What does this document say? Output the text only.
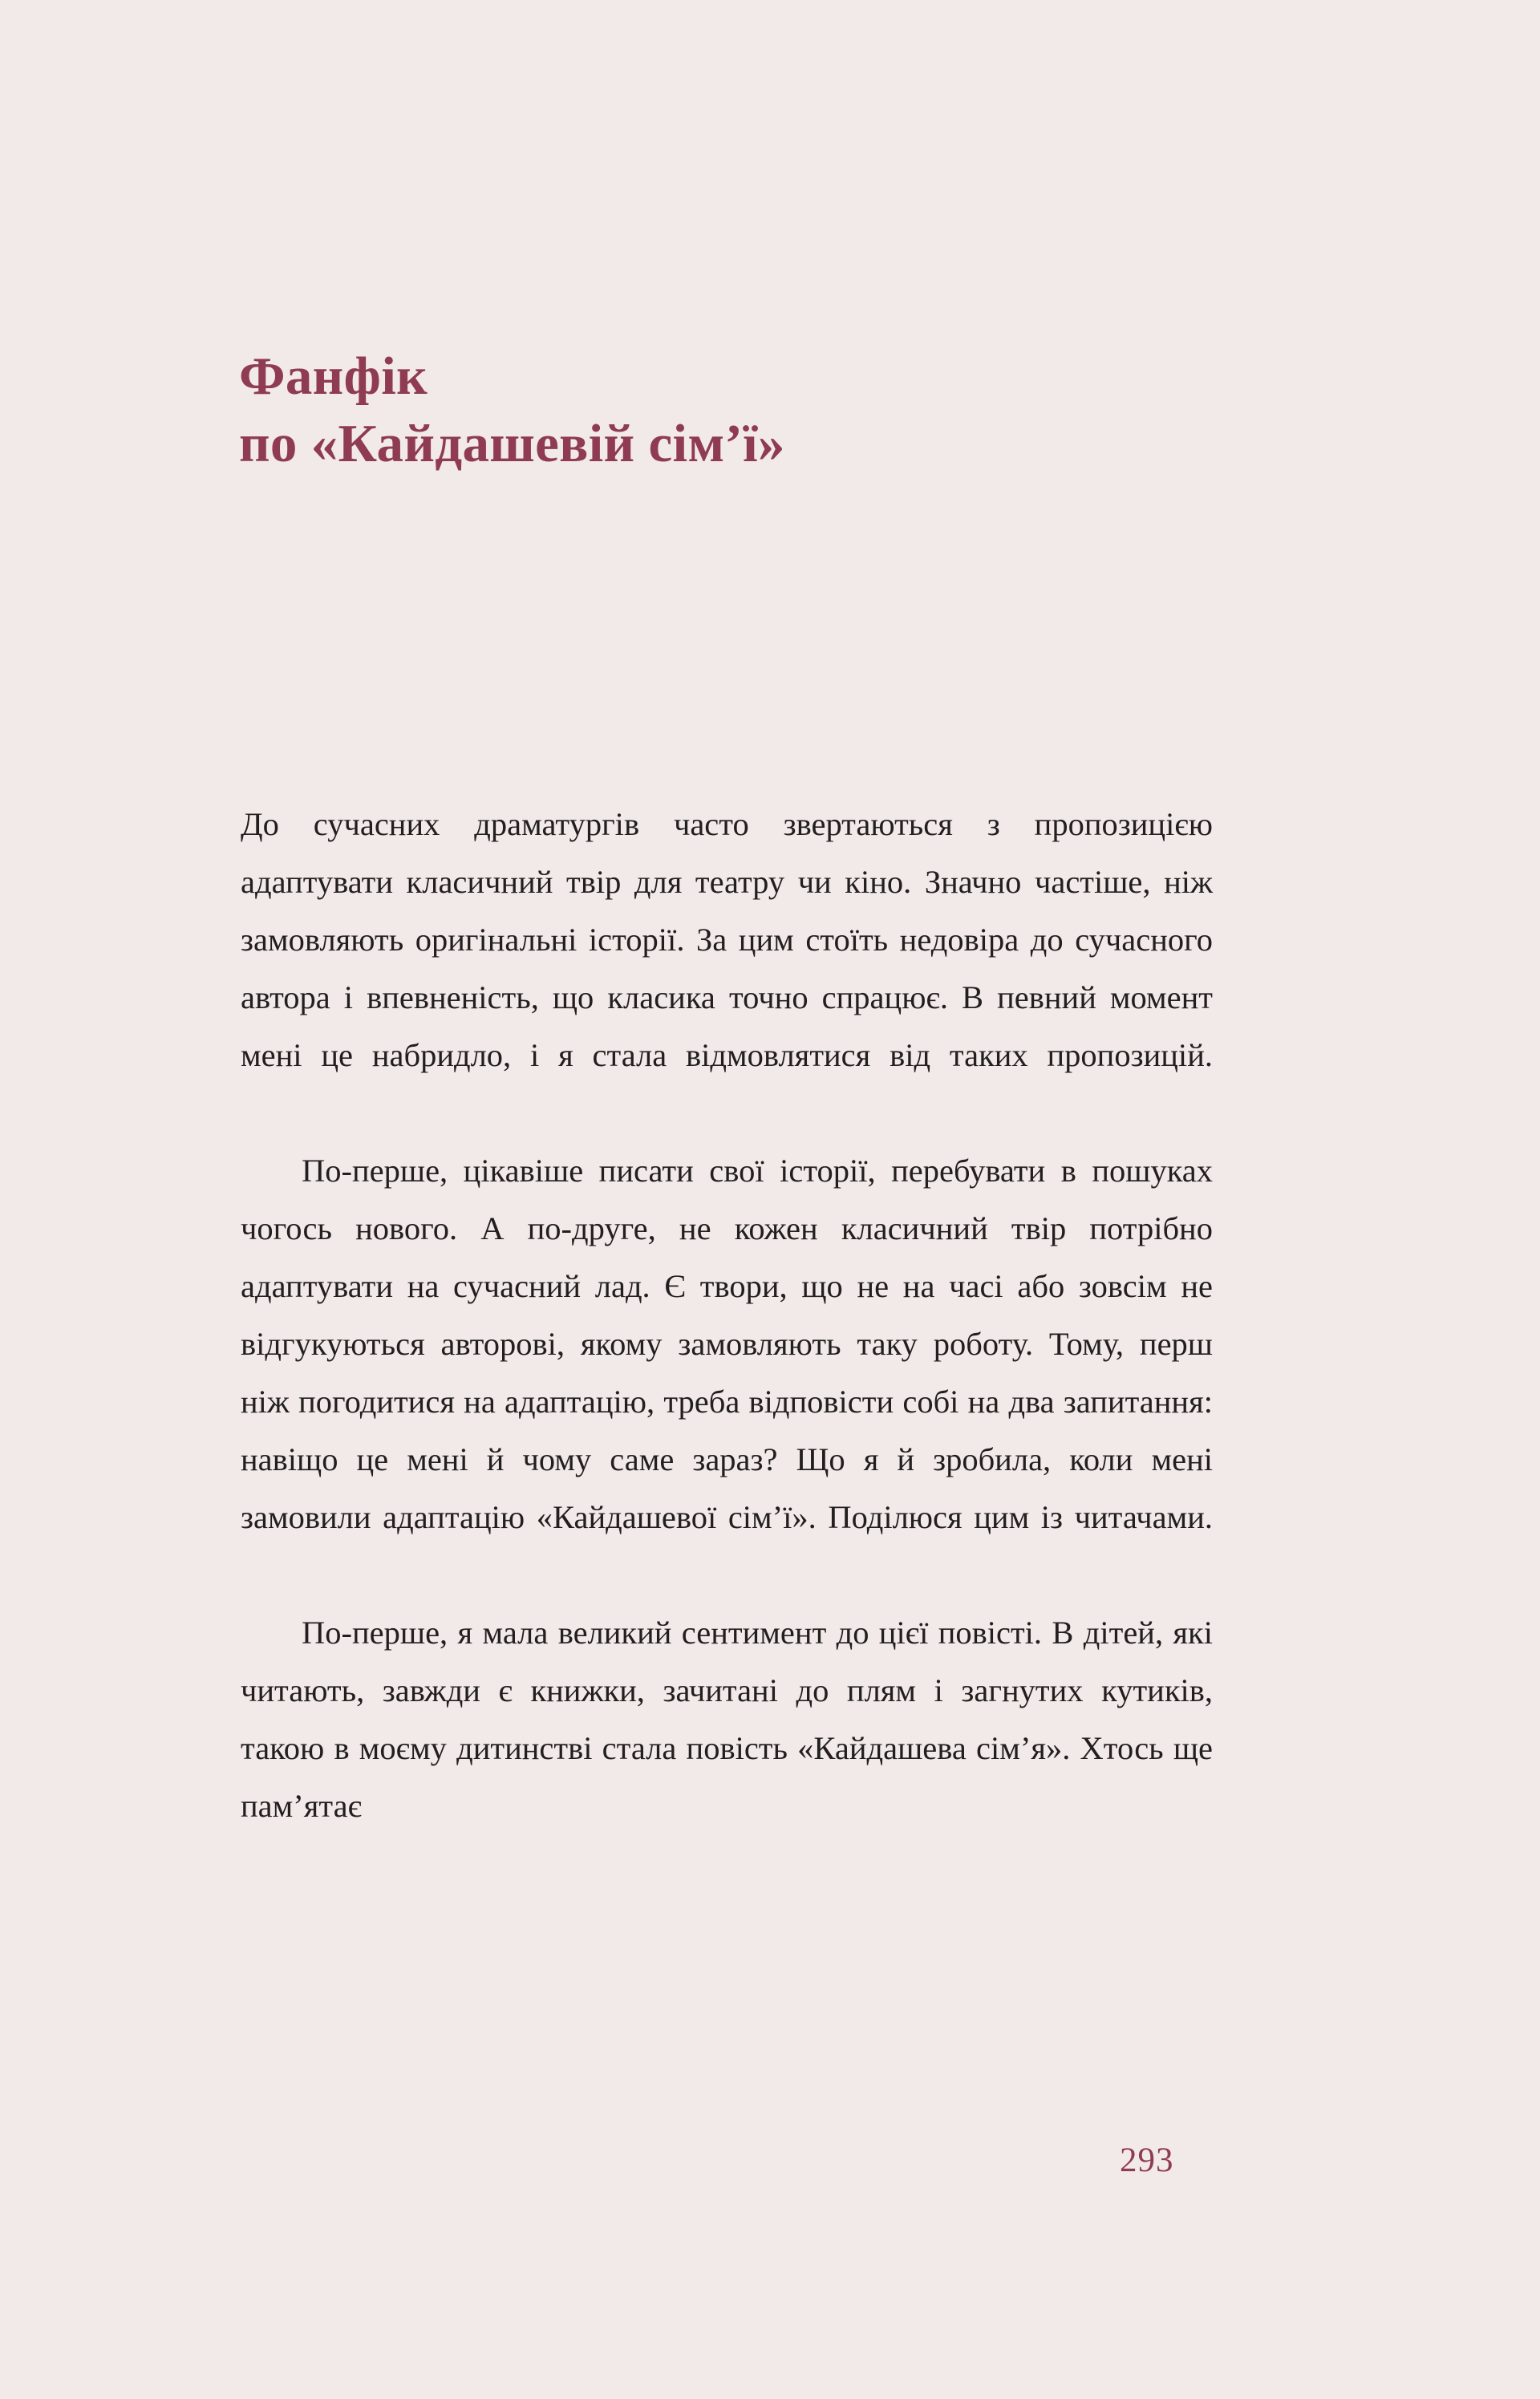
Фанфік
по «Кайдашевій сім’ї»

До сучасних драматургів часто звертаються з пропозицією адаптувати класичний твір для театру чи кіно. Значно частіше, ніж замовляють оригінальні історії. За цим стоїть недовіра до сучасного автора і впевненість, що класика точно спрацює. В певний момент мені це набридло, і я стала відмовлятися від таких пропозицій.

По-перше, цікавіше писати свої історії, перебувати в пошуках чогось нового. А по-друге, не кожен класичний твір потрібно адаптувати на сучасний лад. Є твори, що не на часі або зовсім не відгукуються авторові, якому замовляють таку роботу. Тому, перш ніж погодитися на адаптацію, треба відповісти собі на два запитання: навіщо це мені й чому саме зараз? Що я й зробила, коли мені замовили адаптацію «Кайдашевої сім’ї». Поділюся цим із читачами.

По-перше, я мала великий сентимент до цієї повісті. В дітей, які читають, завжди є книжки, зачитані до плям і загнутих кутиків, такою в моєму дитинстві стала повість «Кайдашева сім’я». Хтось ще пам’ятає

293
